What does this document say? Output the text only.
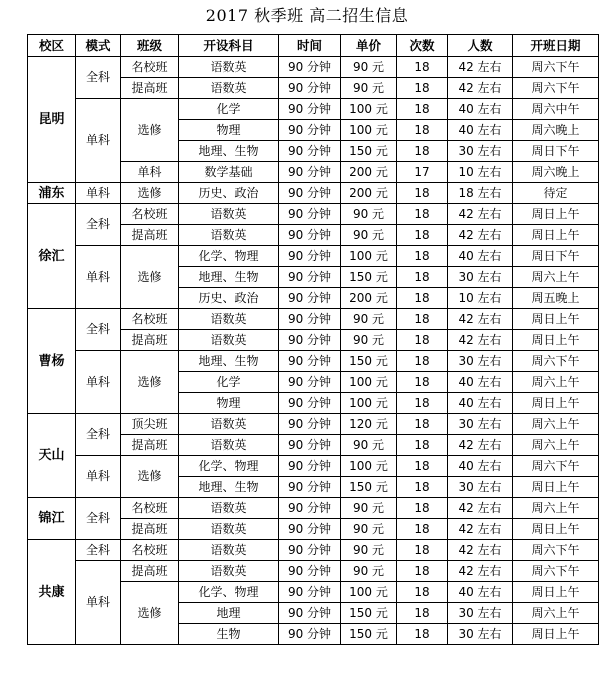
2017 秋季班 高二招生信息
校区	模式	班级	开设科目	时间	单价	次数	人数	开班日期
昆明	全科	名校班	语数英	90 分钟	90 元	18	42 左右	周六下午
		提高班	语数英	90 分钟	90 元	18	42 左右	周六下午
	单科	选修	化学	90 分钟	100 元	18	40 左右	周六中午
			物理	90 分钟	100 元	18	40 左右	周六晚上
			地理、生物	90 分钟	150 元	18	30 左右	周日下午
		单科	数学基础	90 分钟	200 元	17	10 左右	周六晚上
浦东	单科	选修	历史、政治	90 分钟	200 元	18	18 左右	待定
徐汇	全科	名校班	语数英	90 分钟	90 元	18	42 左右	周日上午
		提高班	语数英	90 分钟	90 元	18	42 左右	周日上午
	单科	选修	化学、物理	90 分钟	100 元	18	40 左右	周日下午
			地理、生物	90 分钟	150 元	18	30 左右	周六上午
			历史、政治	90 分钟	200 元	18	10 左右	周五晚上
曹杨	全科	名校班	语数英	90 分钟	90 元	18	42 左右	周日上午
		提高班	语数英	90 分钟	90 元	18	42 左右	周日上午
	单科	选修	地理、生物	90 分钟	150 元	18	30 左右	周六下午
			化学	90 分钟	100 元	18	40 左右	周六上午
			物理	90 分钟	100 元	18	40 左右	周日上午
天山	全科	顶尖班	语数英	90 分钟	120 元	18	30 左右	周六上午
		提高班	语数英	90 分钟	90 元	18	42 左右	周六上午
	单科	选修	化学、物理	90 分钟	100 元	18	40 左右	周六下午
			地理、生物	90 分钟	150 元	18	30 左右	周日上午
锦江	全科	名校班	语数英	90 分钟	90 元	18	42 左右	周六上午
		提高班	语数英	90 分钟	90 元	18	42 左右	周日上午
共康	全科	名校班	语数英	90 分钟	90 元	18	42 左右	周六下午
	单科	提高班	语数英	90 分钟	90 元	18	42 左右	周六下午
		选修	化学、物理	90 分钟	100 元	18	40 左右	周日上午
			地理	90 分钟	150 元	18	30 左右	周六上午
			生物	90 分钟	150 元	18	30 左右	周日上午
